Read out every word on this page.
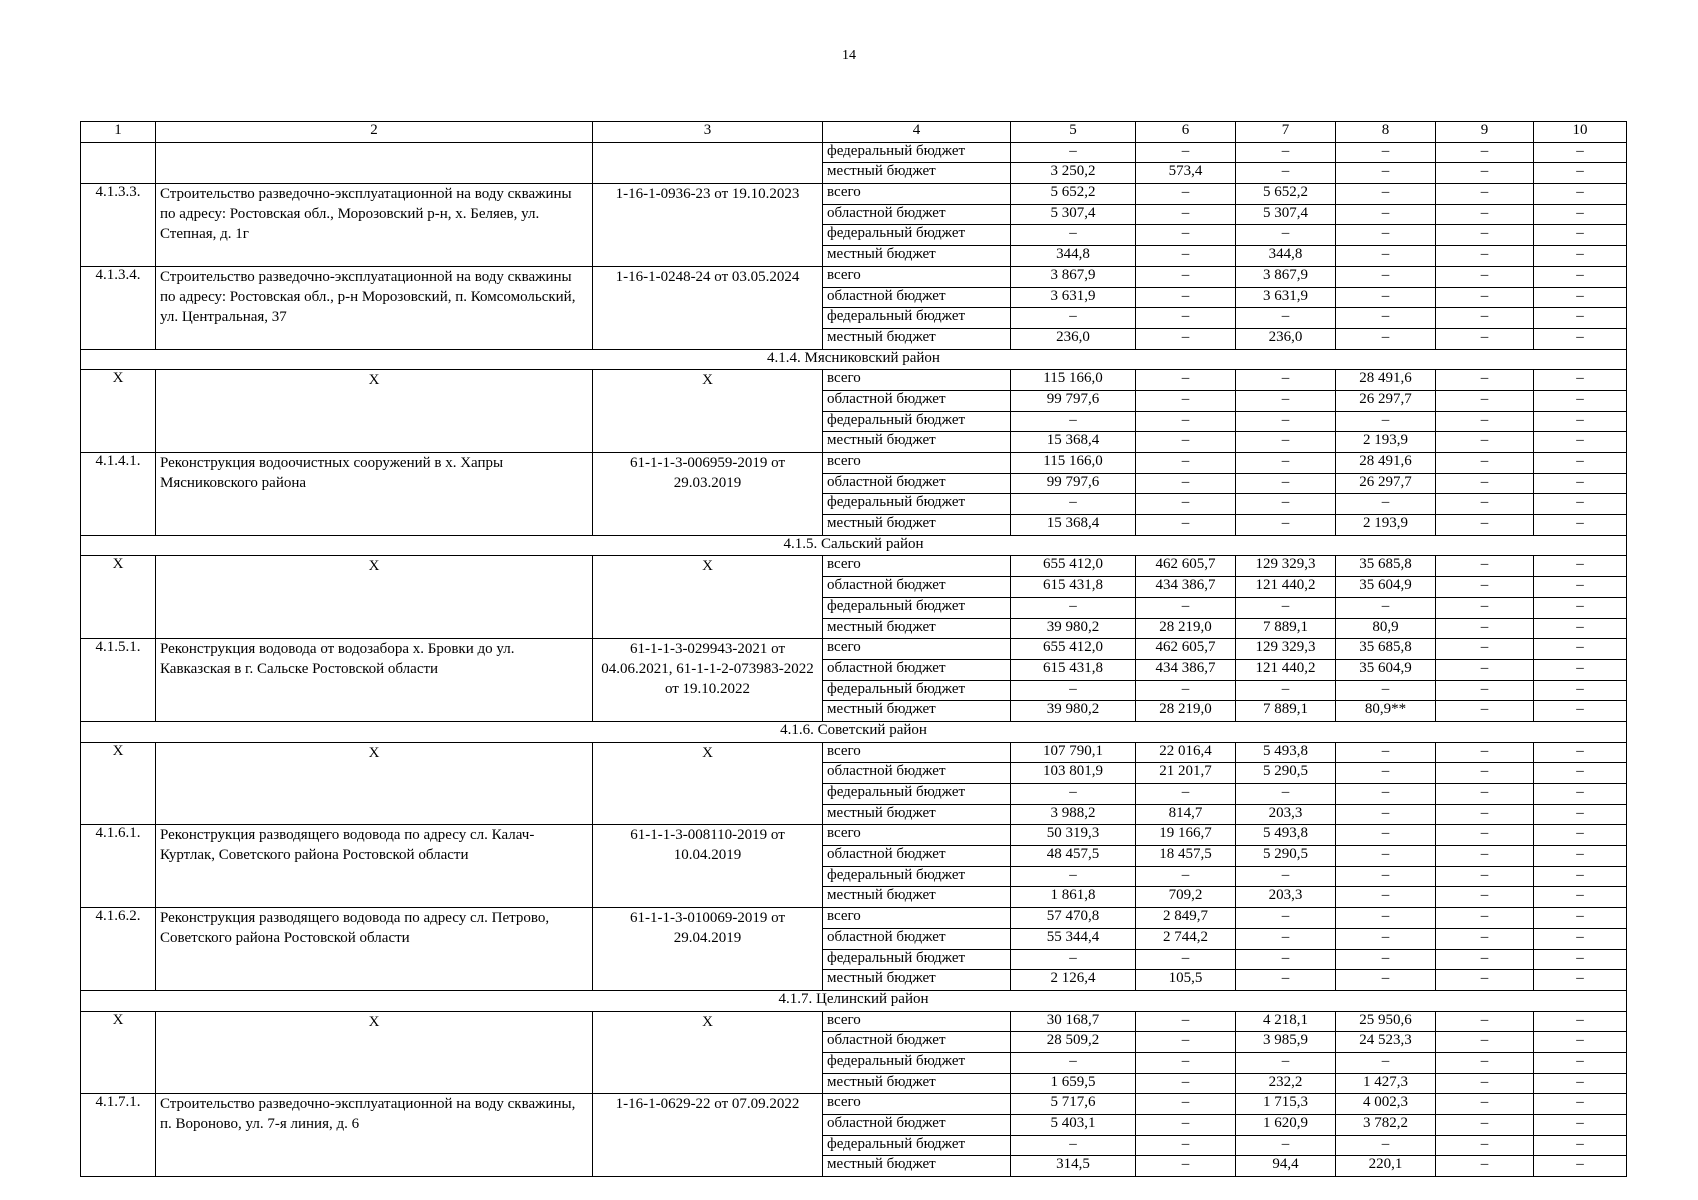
14
1	2	3	4	5	6	7	8	9	10
			федеральный бюджет	–	–	–	–	–	–
			местный бюджет	3 250,2	573,4	–	–	–	–
4.1.3.3.	Строительство разведочно-эксплуатационной на воду скважины по адресу: Ростовская обл., Морозовский р-н, х. Беляев, ул. Степная, д. 1г	1-16-1-0936-23 от 19.10.2023	всего	5 652,2	–	5 652,2	–	–	–
			областной бюджет	5 307,4	–	5 307,4	–	–	–
			федеральный бюджет	–	–	–	–	–	–
			местный бюджет	344,8	–	344,8	–	–	–
4.1.3.4.	Строительство разведочно-эксплуатационной на воду скважины по адресу: Ростовская обл., р-н Морозовский, п. Комсомольский, ул. Центральная, 37	1-16-1-0248-24 от 03.05.2024	всего	3 867,9	–	3 867,9	–	–	–
			областной бюджет	3 631,9	–	3 631,9	–	–	–
			федеральный бюджет	–	–	–	–	–	–
			местный бюджет	236,0	–	236,0	–	–	–
4.1.4. Мясниковский район									
Х	Х	Х	всего	115 166,0	–	–	28 491,6	–	–
			областной бюджет	99 797,6	–	–	26 297,7	–	–
			федеральный бюджет	–	–	–	–	–	–
			местный бюджет	15 368,4	–	–	2 193,9	–	–
4.1.4.1.	Реконструкция водоочистных сооружений в х. Хапры Мясниковского района	61-1-1-3-006959-2019 от 29.03.2019	всего	115 166,0	–	–	28 491,6	–	–
			областной бюджет	99 797,6	–	–	26 297,7	–	–
			федеральный бюджет	–	–	–	–	–	–
			местный бюджет	15 368,4	–	–	2 193,9	–	–
4.1.5. Сальский район									
Х	Х	Х	всего	655 412,0	462 605,7	129 329,3	35 685,8	–	–
			областной бюджет	615 431,8	434 386,7	121 440,2	35 604,9	–	–
			федеральный бюджет	–	–	–	–	–	–
			местный бюджет	39 980,2	28 219,0	7 889,1	80,9	–	–
4.1.5.1.	Реконструкция водовода от водозабора х. Бровки до ул. Кавказская в г. Сальске Ростовской области	61-1-1-3-029943-2021 от 04.06.2021, 61-1-1-2-073983-2022 от 19.10.2022	всего	655 412,0	462 605,7	129 329,3	35 685,8	–	–
			областной бюджет	615 431,8	434 386,7	121 440,2	35 604,9	–	–
			федеральный бюджет	–	–	–	–	–	–
			местный бюджет	39 980,2	28 219,0	7 889,1	80,9**	–	–
4.1.6. Советский район									
Х	Х	Х	всего	107 790,1	22 016,4	5 493,8	–	–	–
			областной бюджет	103 801,9	21 201,7	5 290,5	–	–	–
			федеральный бюджет	–	–	–	–	–	–
			местный бюджет	3 988,2	814,7	203,3	–	–	–
4.1.6.1.	Реконструкция разводящего водовода по адресу сл. Калач-Куртлак, Советского района Ростовской области	61-1-1-3-008110-2019 от 10.04.2019	всего	50 319,3	19 166,7	5 493,8	–	–	–
			областной бюджет	48 457,5	18 457,5	5 290,5	–	–	–
			федеральный бюджет	–	–	–	–	–	–
			местный бюджет	1 861,8	709,2	203,3	–	–	–
4.1.6.2.	Реконструкция разводящего водовода по адресу сл. Петрово, Советского района Ростовской области	61-1-1-3-010069-2019 от 29.04.2019	всего	57 470,8	2 849,7	–	–	–	–
			областной бюджет	55 344,4	2 744,2	–	–	–	–
			федеральный бюджет	–	–	–	–	–	–
			местный бюджет	2 126,4	105,5	–	–	–	–
4.1.7. Целинский район									
Х	Х	Х	всего	30 168,7	–	4 218,1	25 950,6	–	–
			областной бюджет	28 509,2	–	3 985,9	24 523,3	–	–
			федеральный бюджет	–	–	–	–	–	–
			местный бюджет	1 659,5	–	232,2	1 427,3	–	–
4.1.7.1.	Строительство разведочно-эксплуатационной на воду скважины, п. Вороново, ул. 7-я линия, д. 6	1-16-1-0629-22 от 07.09.2022	всего	5 717,6	–	1 715,3	4 002,3	–	–
			областной бюджет	5 403,1	–	1 620,9	3 782,2	–	–
			федеральный бюджет	–	–	–	–	–	–
			местный бюджет	314,5	–	94,4	220,1	–	–
